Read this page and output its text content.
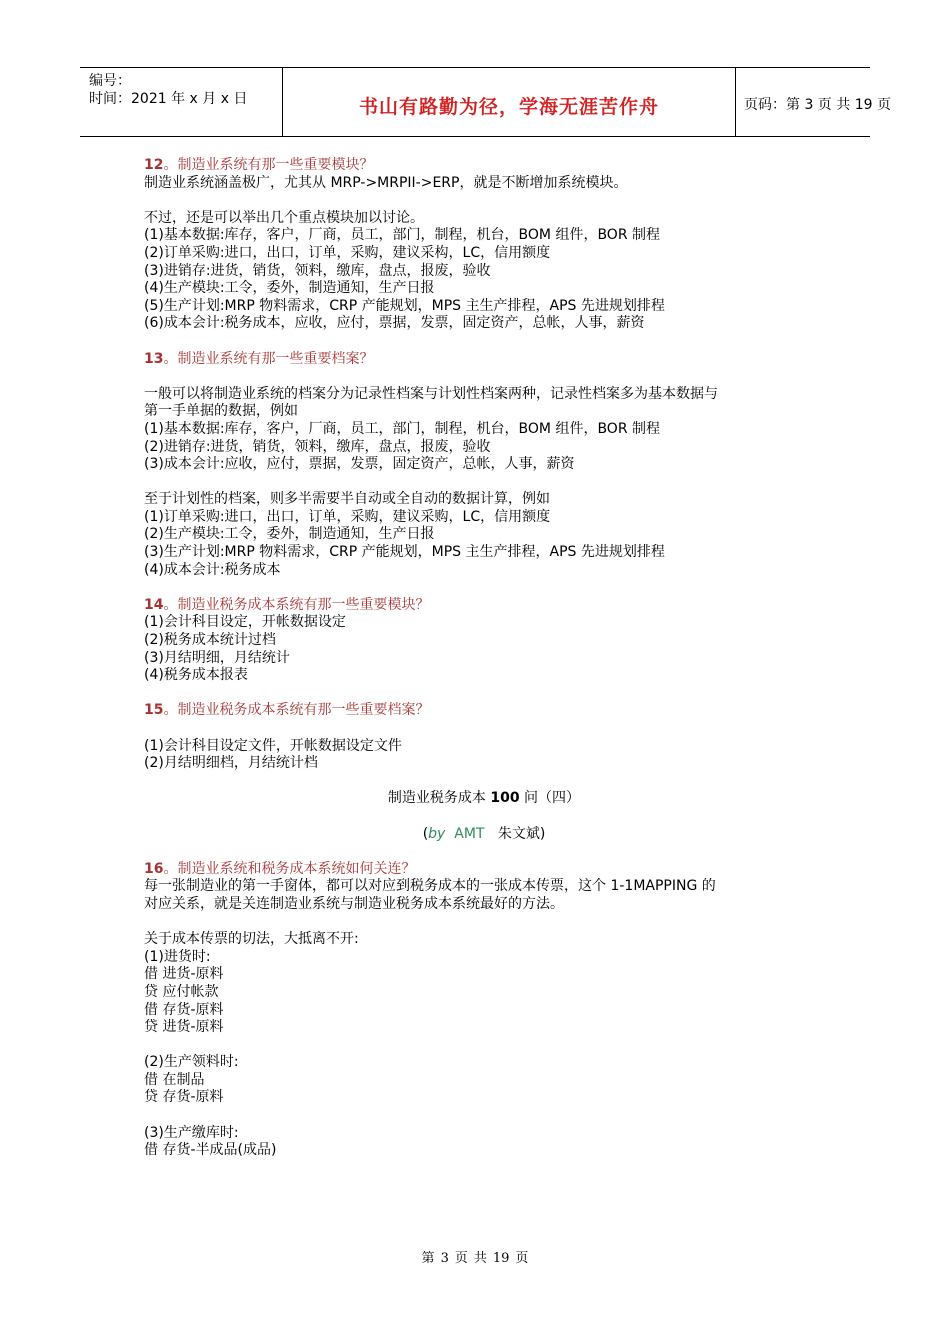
编号：
时间：2021 年 x 月 x 日	书山有路勤为径，学海无涯苦作舟	页码：第 3 页 共 19 页
12。制造业系统有那一些重要模块？
制造业系统涵盖极广，尤其从 MRP->MRPII->ERP，就是不断增加系统模块。
不过，还是可以举出几个重点模块加以讨论。
(1)基本数据:库存，客户，厂商，员工，部门，制程，机台，BOM 组件，BOR 制程
(2)订单采购:进口，出口，订单，采购，建议采构，LC，信用额度
(3)进销存:进货，销货，领料，缴库，盘点，报废，验收
(4)生产模块:工令，委外，制造通知，生产日报
(5)生产计划:MRP 物料需求，CRP 产能规划，MPS 主生产排程，APS 先进规划排程
(6)成本会计:税务成本，应收，应付，票据，发票，固定资产，总帐，人事，薪资
13。制造业系统有那一些重要档案？
一般可以将制造业系统的档案分为记录性档案与计划性档案两种，记录性档案多为基本数据与
第一手单据的数据，例如
(1)基本数据:库存，客户，厂商，员工，部门，制程，机台，BOM 组件，BOR 制程
(2)进销存:进货，销货，领料，缴库，盘点，报废，验收
(3)成本会计:应收，应付，票据，发票，固定资产，总帐，人事，薪资
至于计划性的档案，则多半需要半自动或全自动的数据计算，例如
(1)订单采购:进口，出口，订单，采购，建议采购，LC，信用额度
(2)生产模块:工令，委外，制造通知，生产日报
(3)生产计划:MRP 物料需求，CRP 产能规划，MPS 主生产排程，APS 先进规划排程
(4)成本会计:税务成本
14。制造业税务成本系统有那一些重要模块？
(1)会计科目设定，开帐数据设定
(2)税务成本统计过档
(3)月结明细，月结统计
(4)税务成本报表
15。制造业税务成本系统有那一些重要档案？
(1)会计科目设定文件，开帐数据设定文件
(2)月结明细档，月结统计档
制造业税务成本 100 问（四）
(by AMT 朱文斌)
16。制造业系统和税务成本系统如何关连？
每一张制造业的第一手窗体，都可以对应到税务成本的一张成本传票，这个 1-1MAPPING 的
对应关系，就是关连制造业系统与制造业税务成本系统最好的方法。
关于成本传票的切法，大抵离不开:
(1)进货时:
借 进货-原料
贷 应付帐款
借 存货-原料
贷 进货-原料
(2)生产领料时:
借 在制品
贷 存货-原料
(3)生产缴库时:
借 存货-半成品(成品)
第 3 页 共 19 页
